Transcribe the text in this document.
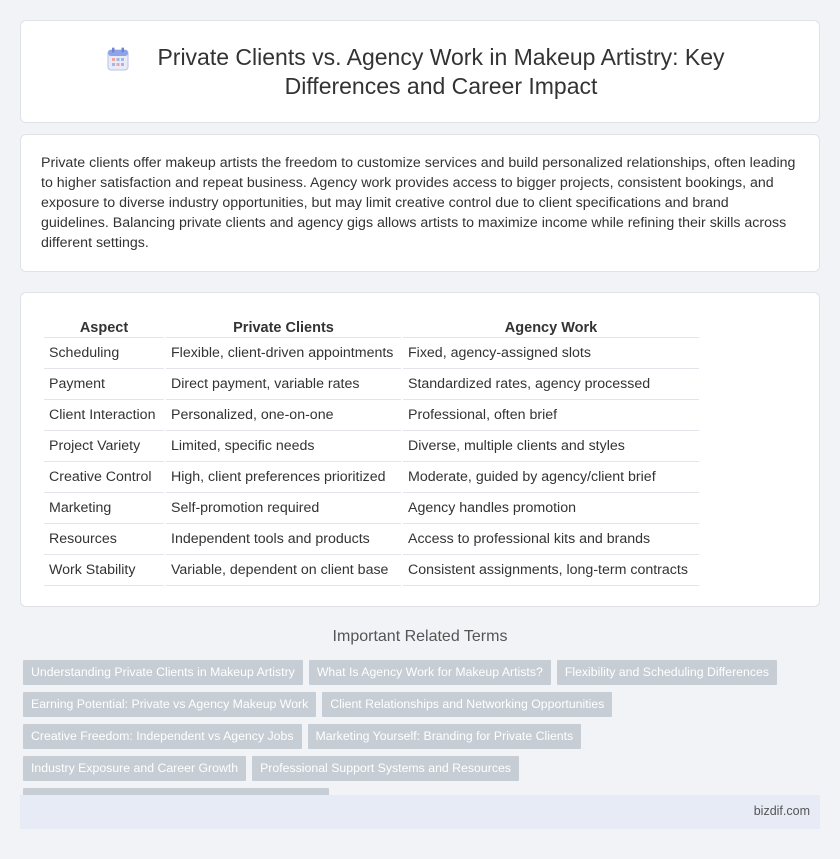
Private Clients vs. Agency Work in Makeup Artistry: Key Differences and Career Impact

Private clients offer makeup artists the freedom to customize services and build personalized relationships, often leading to higher satisfaction and repeat business. Agency work provides access to bigger projects, consistent bookings, and exposure to diverse industry opportunities, but may limit creative control due to client specifications and brand guidelines. Balancing private clients and agency gigs allows artists to maximize income while refining their skills across different settings.

Aspect	Private Clients	Agency Work
Scheduling	Flexible, client-driven appointments	Fixed, agency-assigned slots
Payment	Direct payment, variable rates	Standardized rates, agency processed
Client Interaction	Personalized, one-on-one	Professional, often brief
Project Variety	Limited, specific needs	Diverse, multiple clients and styles
Creative Control	High, client preferences prioritized	Moderate, guided by agency/client brief
Marketing	Self-promotion required	Agency handles promotion
Resources	Independent tools and products	Access to professional kits and brands
Work Stability	Variable, dependent on client base	Consistent assignments, long-term contracts
Important Related Terms
Understanding Private Clients in Makeup Artistry	What Is Agency Work for Makeup Artists?	Flexibility and Scheduling Differences
Earning Potential: Private vs Agency Makeup Work	Client Relationships and Networking Opportunities
Creative Freedom: Independent vs Agency Jobs	Marketing Yourself: Branding for Private Clients
Industry Exposure and Career Growth	Professional Support Systems and Resources
bizdif.com
